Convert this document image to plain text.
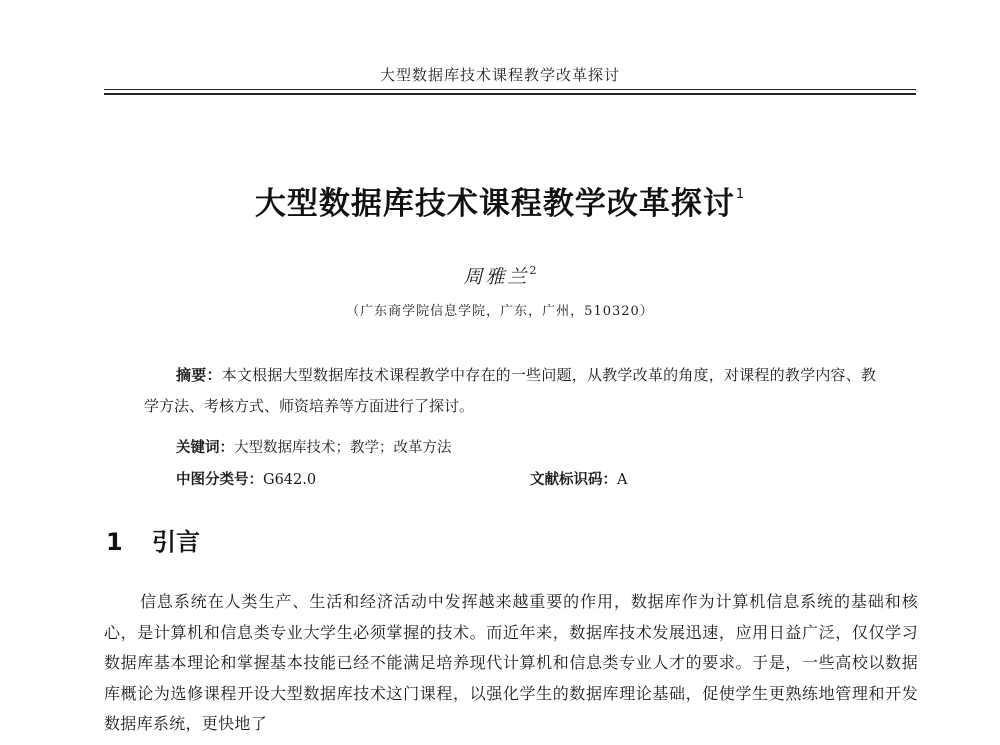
大型数据库技术课程教学改革探讨
大型数据库技术课程教学改革探讨$^1$
周雅兰$^2$
（广东商学院信息学院，广东，广州，510320）
摘要：本文根据大型数据库技术课程教学中存在的一些问题，从教学改革的角度，对课程的教学内容、教学方法、考核方式、师资培养等方面进行了探讨。
关键词：大型数据库技术；教学；改革方法
中图分类号：G642.0	文献标识码：A
1 引言

信息系统在人类生产、生活和经济活动中发挥越来越重要的作用，数据库作为计算机信息系统的基础和核心，是计算机和信息类专业大学生必须掌握的技术。而近年来，数据库技术发展迅速，应用日益广泛，仅仅学习数据库基本理论和掌握基本技能已经不能满足培养现代计算机和信息类专业人才的要求。于是，一些高校以数据库概论为选修课程开设大型数据库技术这门课程，以强化学生的数据库理论基础，促使学生更熟练地管理和开发数据库系统，更快地了
